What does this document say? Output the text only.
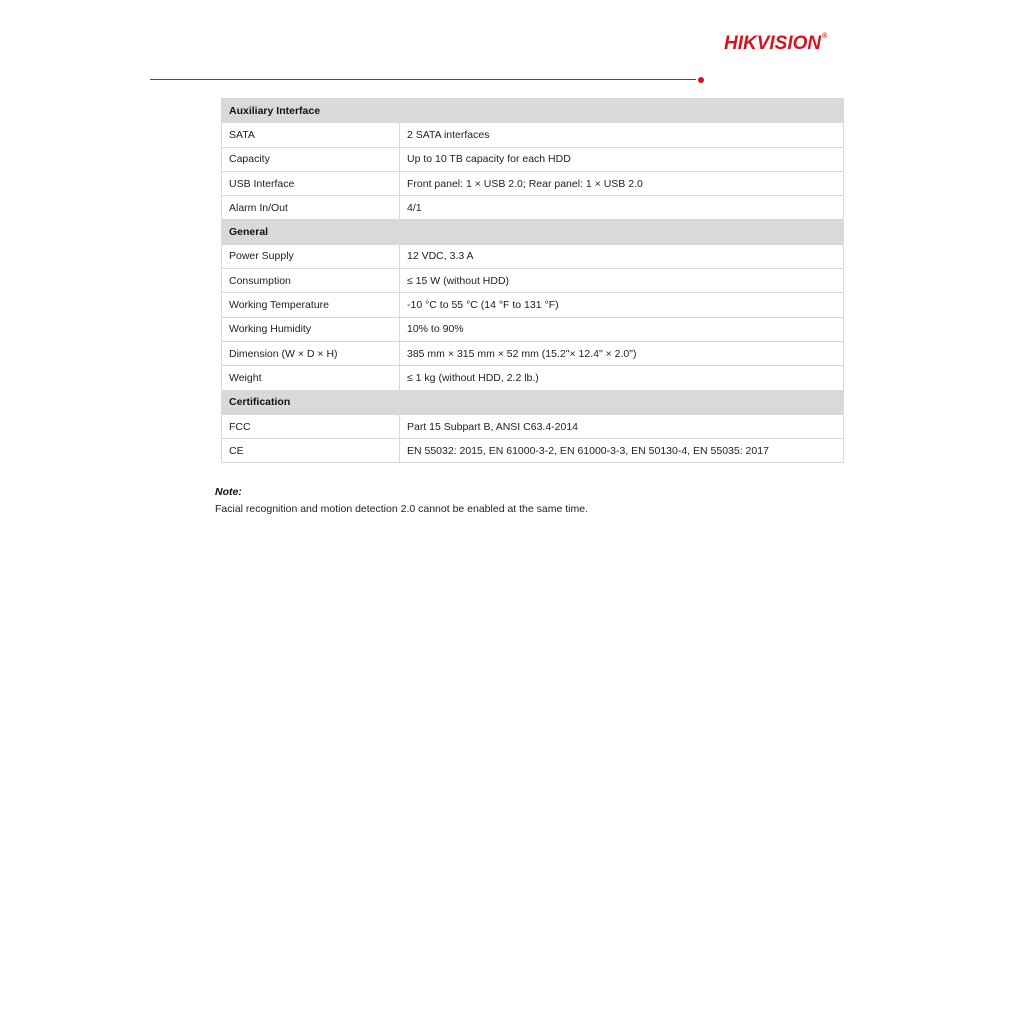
HIKVISION®
Auxiliary Interface	
SATA	2 SATA interfaces
Capacity	Up to 10 TB capacity for each HDD
USB Interface	Front panel: 1 × USB 2.0; Rear panel: 1 × USB 2.0
Alarm In/Out	4/1
General	
Power Supply	12 VDC, 3.3 A
Consumption	≤ 15 W (without HDD)
Working Temperature	-10 °C to 55 °C (14 °F to 131 °F)
Working Humidity	10% to 90%
Dimension (W × D × H)	385 mm × 315 mm × 52 mm (15.2"× 12.4" × 2.0")
Weight	≤ 1 kg (without HDD, 2.2 lb.)
Certification	
FCC	Part 15 Subpart B, ANSI C63.4-2014
CE	EN 55032: 2015, EN 61000-3-2, EN 61000-3-3, EN 50130-4, EN 55035: 2017
Note:
Facial recognition and motion detection 2.0 cannot be enabled at the same time.
